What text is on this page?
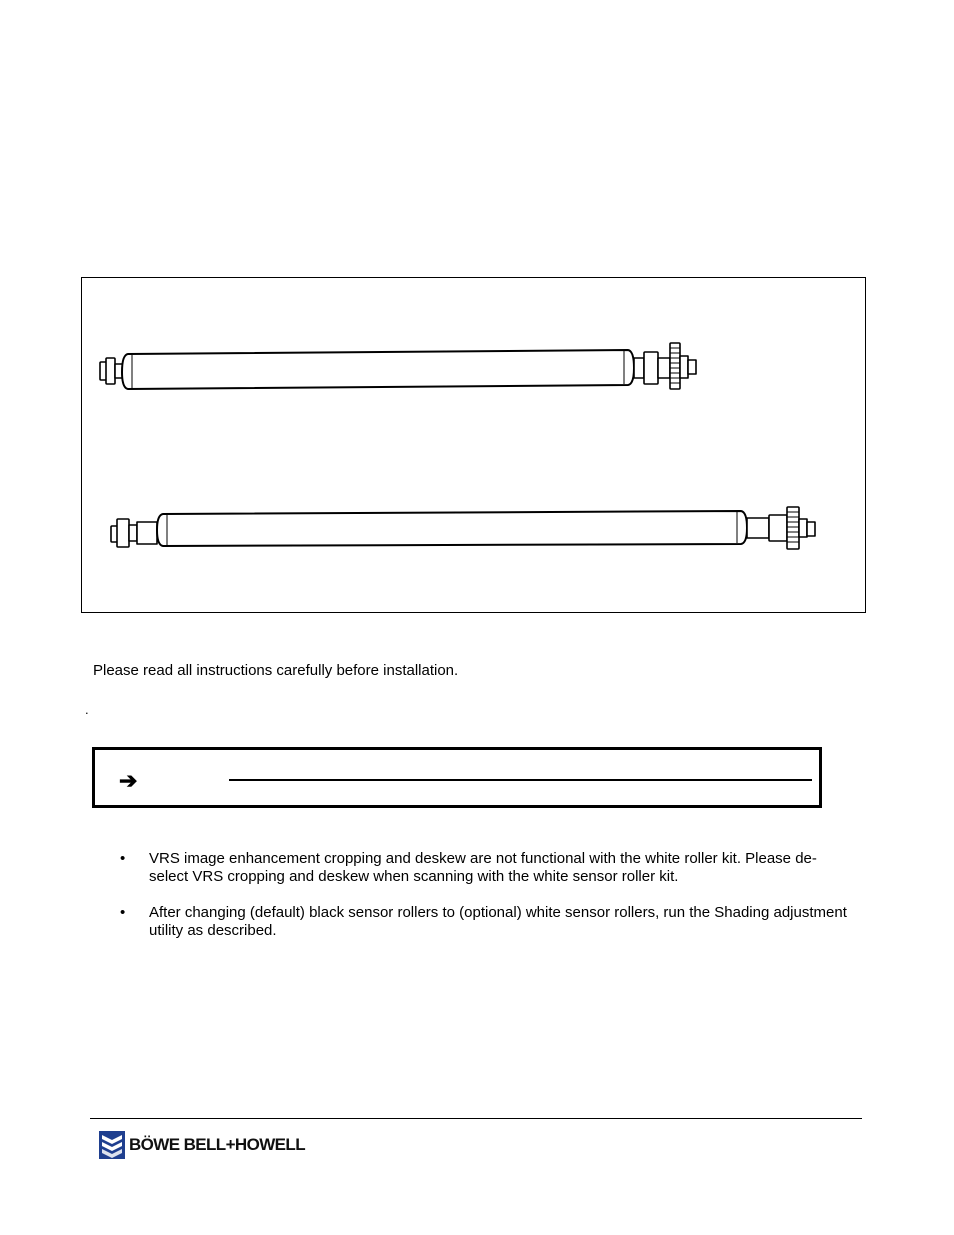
Please read all instructions carefully before installation.
.
➔
• VRS image enhancement cropping and deskew are not functional with the white roller kit. Please de-select VRS cropping and deskew when scanning with the white sensor roller kit.
• After changing (default) black sensor rollers to (optional) white sensor rollers, run the Shading adjustment utility as described.
BÖWE BELL+HOWELL
